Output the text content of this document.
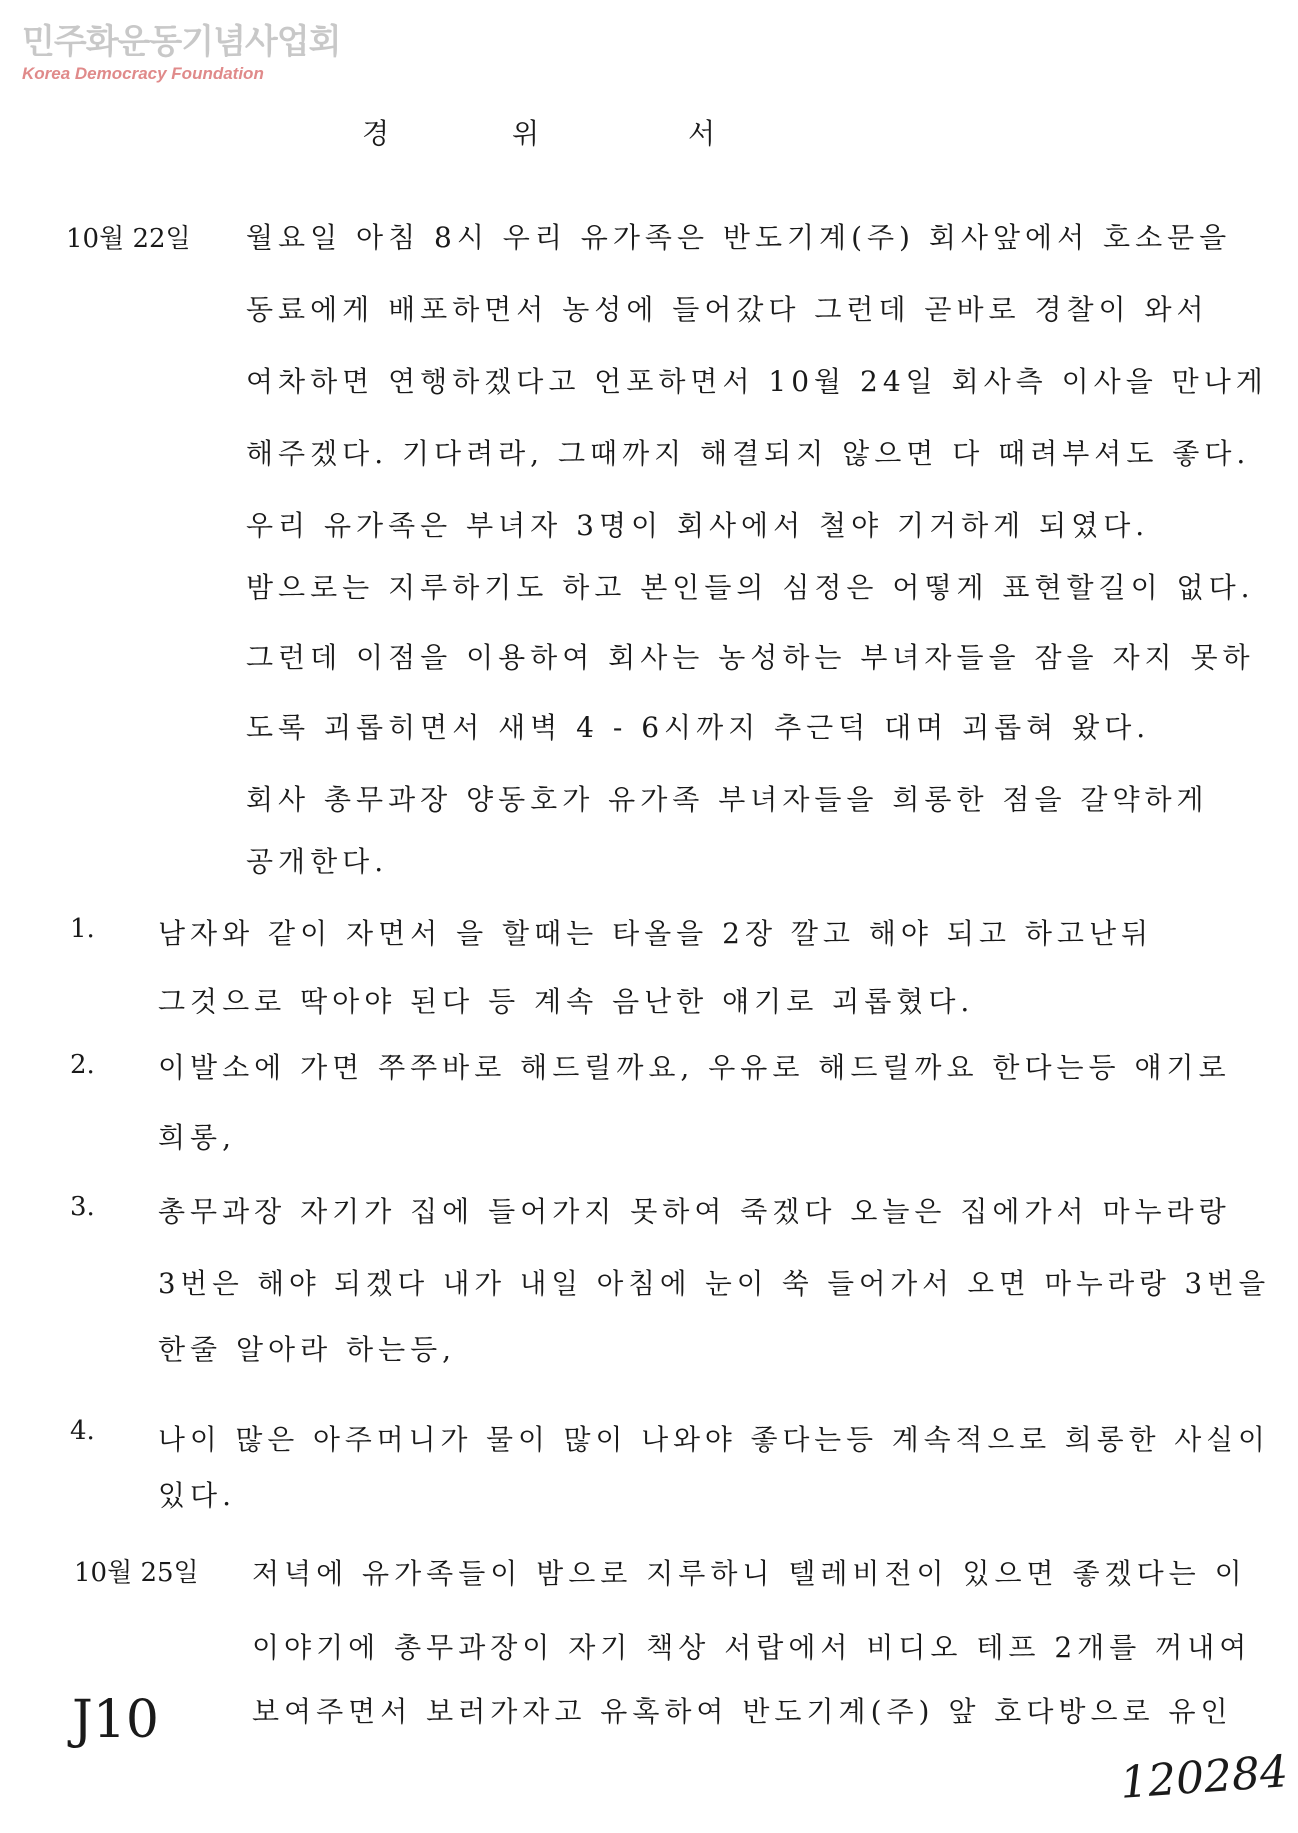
민주화운동기념사업회
Korea Democracy Foundation
경	위	서
10월 22일 월요일 아침 8시 우리 유가족은 반도기계(주) 회사앞에서 호소문을
동료에게 배포하면서 농성에 들어갔다 그런데 곧바로 경찰이 와서
여차하면 연행하겠다고 언포하면서 10월 24일 회사측 이사을 만나게
해주겠다. 기다려라, 그때까지 해결되지 않으면 다 때려부셔도 좋다.
우리 유가족은 부녀자 3명이 회사에서 철야 기거하게 되였다.
밤으로는 지루하기도 하고 본인들의 심정은 어떻게 표현할길이 없다.
그런데 이점을 이용하여 회사는 농성하는 부녀자들을 잠을 자지 못하
도록 괴롭히면서 새벽 4 - 6시까지 추근덕 대며 괴롭혀 왔다.
회사 총무과장 양동호가 유가족 부녀자들을 희롱한 점을 갈약하게
공개한다.
1. 남자와 같이 자면서 을 할때는 타올을 2장 깔고 해야 되고 하고난뒤
그것으로 딱아야 된다 등 계속 음난한 얘기로 괴롭혔다.
2. 이발소에 가면 쭈쭈바로 해드릴까요, 우유로 해드릴까요 한다는등 얘기로
희롱,
3. 총무과장 자기가 집에 들어가지 못하여 죽겠다 오늘은 집에가서 마누라랑
3번은 해야 되겠다 내가 내일 아침에 눈이 쑥 들어가서 오면 마누라랑 3번을
한줄 알아라 하는등,
4. 나이 많은 아주머니가 물이 많이 나와야 좋다는등 계속적으로 희롱한 사실이
있다.
10월 25일 저녁에 유가족들이 밤으로 지루하니 텔레비전이 있으면 좋겠다는 이
이야기에 총무과장이 자기 책상 서랍에서 비디오 테프 2개를 꺼내여
보여주면서 보러가자고 유혹하여 반도기계(주) 앞 호다방으로 유인
J10
120284
